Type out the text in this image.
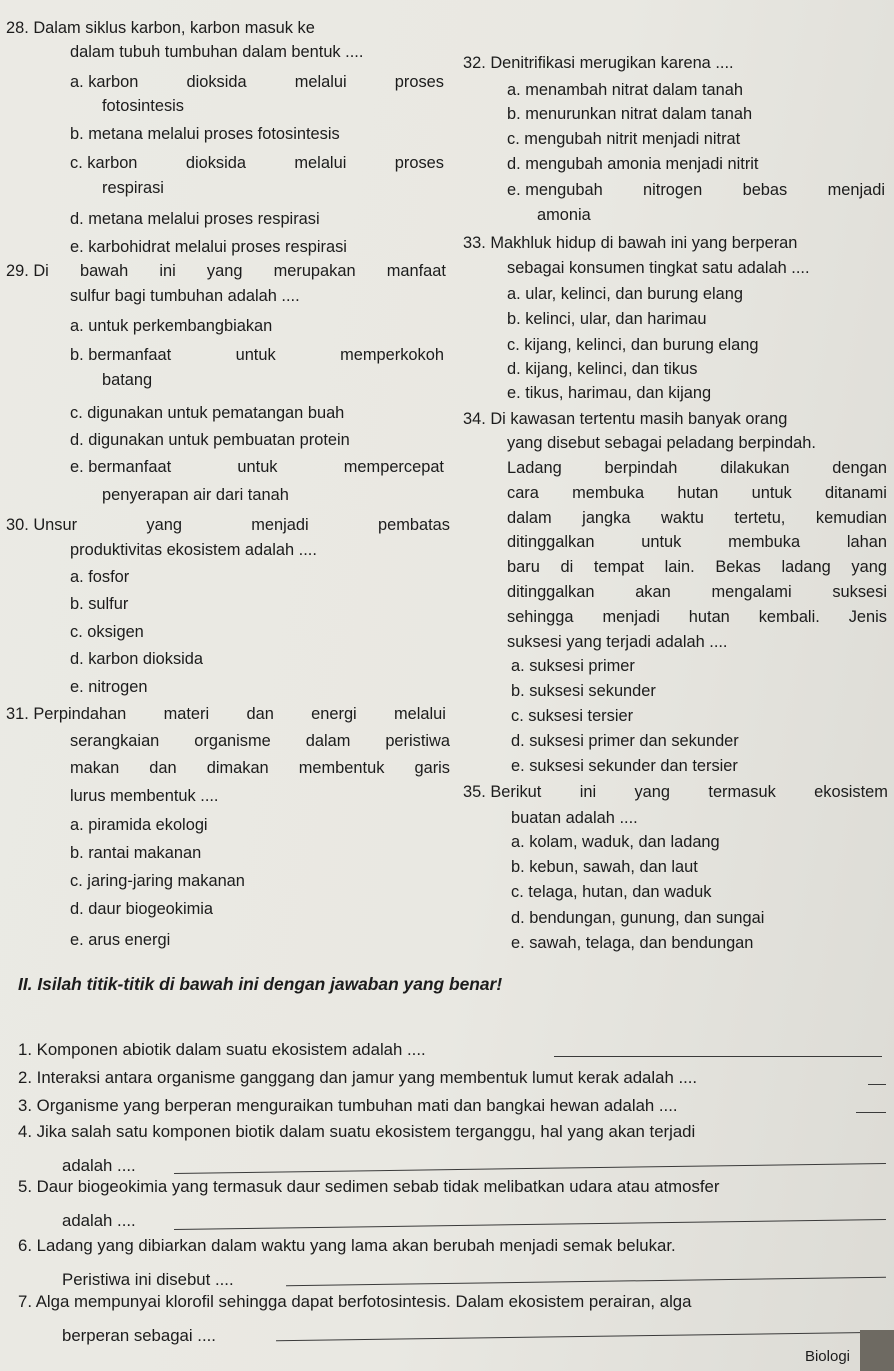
28. Dalam siklus karbon, karbon masuk ke
dalam tubuh tumbuhan dalam bentuk ....
a. karbon	dioksida	melalui	proses
fotosintesis
b. metana melalui proses fotosintesis
c. karbon	dioksida	melalui	proses
respirasi
d. metana melalui proses respirasi
e. karbohidrat melalui proses respirasi
29. Di bawah ini yang merupakan manfaat
sulfur bagi tumbuhan adalah ....
a. untuk perkembangbiakan
b. bermanfaat	untuk	memperkokoh
batang
c. digunakan untuk pematangan buah
d. digunakan untuk pembuatan protein
e. bermanfaat	untuk	mempercepat
penyerapan air dari tanah
30. Unsur	yang	menjadi	pembatas
produktivitas ekosistem adalah ....
a. fosfor
b. sulfur
c. oksigen
d. karbon dioksida
e. nitrogen
31. Perpindahan materi dan energi melalui
serangkaian organisme dalam peristiwa
makan dan dimakan membentuk garis
lurus membentuk ....
a. piramida ekologi
b. rantai makanan
c. jaring-jaring makanan
d. daur biogeokimia
e. arus energi
32. Denitrifikasi merugikan karena ....
a. menambah nitrat dalam tanah
b. menurunkan nitrat dalam tanah
c. mengubah nitrit menjadi nitrat
d. mengubah amonia menjadi nitrit
e. mengubah nitrogen bebas menjadi
amonia
33. Makhluk hidup di bawah ini yang berperan
sebagai konsumen tingkat satu adalah ....
a. ular, kelinci, dan burung elang
b. kelinci, ular, dan harimau
c. kijang, kelinci, dan burung elang
d. kijang, kelinci, dan tikus
e. tikus, harimau, dan kijang
34. Di kawasan tertentu masih banyak orang
yang disebut sebagai peladang berpindah.
Ladang	berpindah	dilakukan	dengan
cara membuka hutan untuk ditanami
dalam jangka waktu tertetu, kemudian
ditinggalkan	untuk	membuka	lahan
baru di tempat lain. Bekas ladang yang
ditinggalkan akan mengalami suksesi
sehingga menjadi hutan kembali. Jenis
suksesi yang terjadi adalah ....
a. suksesi primer
b. suksesi sekunder
c. suksesi tersier
d. suksesi primer dan sekunder
e. suksesi sekunder dan tersier
35. Berikut ini yang termasuk ekosistem
buatan adalah ....
a. kolam, waduk, dan ladang
b. kebun, sawah, dan laut
c. telaga, hutan, dan waduk
d. bendungan, gunung, dan sungai
e. sawah, telaga, dan bendungan
II. Isilah titik-titik di bawah ini dengan jawaban yang benar!
1. Komponen abiotik dalam suatu ekosistem adalah ....
2. Interaksi antara organisme ganggang dan jamur yang membentuk lumut kerak adalah ....
3. Organisme yang berperan menguraikan tumbuhan mati dan bangkai hewan adalah ....
4. Jika salah satu komponen biotik dalam suatu ekosistem terganggu, hal yang akan terjadi
adalah ....
5. Daur biogeokimia yang termasuk daur sedimen sebab tidak melibatkan udara atau atmosfer
adalah ....
6. Ladang yang dibiarkan dalam waktu yang lama akan berubah menjadi semak belukar.
Peristiwa ini disebut ....
7. Alga mempunyai klorofil sehingga dapat berfotosintesis. Dalam ekosistem perairan, alga
berperan sebagai ....
Biologi
